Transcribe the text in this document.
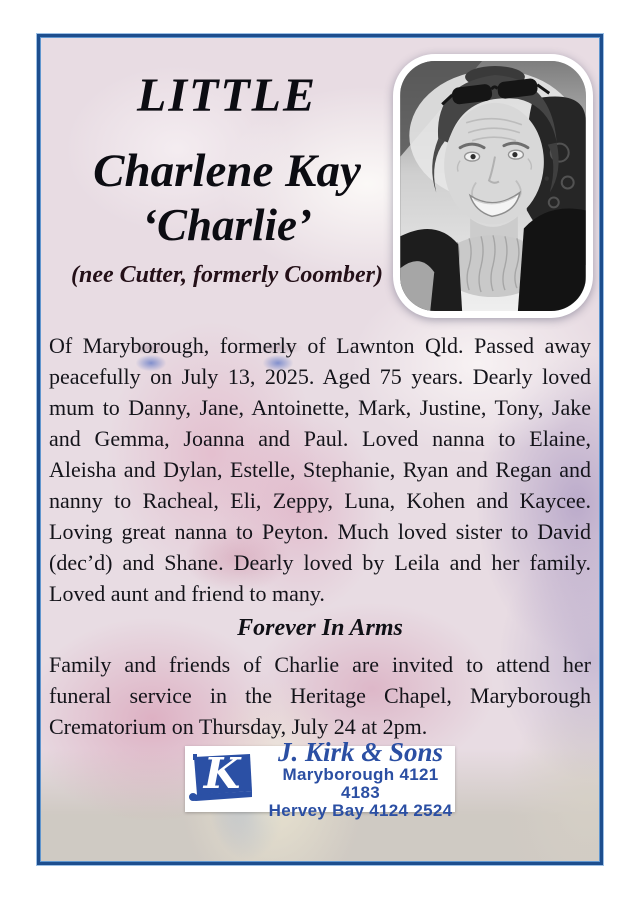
LITTLE
Charlene Kay
‘Charlie’
(nee Cutter, formerly Coomber)

Of Maryborough, formerly of Lawnton Qld. Passed away peacefully on July 13, 2025. Aged 75 years. Dearly loved mum to Danny, Jane, Antoinette, Mark, Justine, Tony, Jake and Gemma, Joanna and Paul. Loved nanna to Elaine, Aleisha and Dylan, Estelle, Stephanie, Ryan and Regan and nanny to Racheal, Eli, Zeppy, Luna, Kohen and Kaycee. Loving great nanna to Peyton. Much loved sister to David (dec’d) and Shane. Dearly loved by Leila and her family. Loved aunt and friend to many.

Forever In Arms

Family and friends of Charlie are invited to attend her funeral service in the Heritage Chapel, Maryborough Crematorium on Thursday, July 24 at 2pm.

K	J. Kirk & Sons
Maryborough 4121 4183
Hervey Bay 4124 2524
